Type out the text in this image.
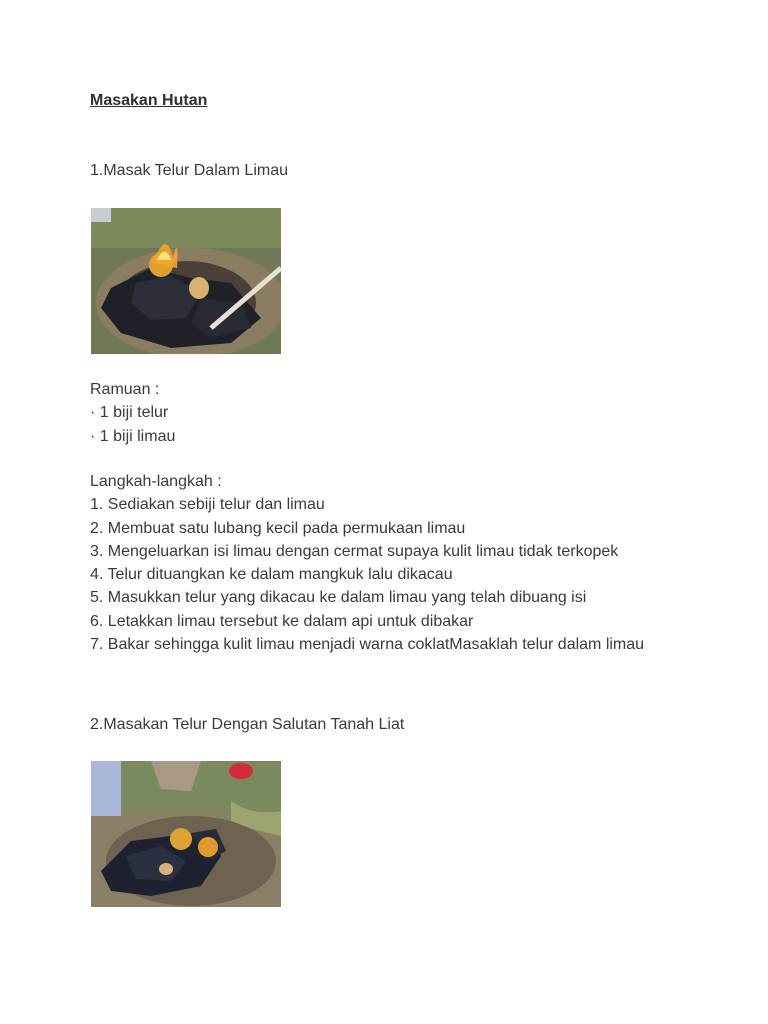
Masakan Hutan
1.Masak Telur Dalam Limau
Ramuan :
· 1 biji telur
· 1 biji limau
Langkah-langkah :
1. Sediakan sebiji telur dan limau
2. Membuat satu lubang kecil pada permukaan limau
3. Mengeluarkan isi limau dengan cermat supaya kulit limau tidak terkopek
4. Telur dituangkan ke dalam mangkuk lalu dikacau
5. Masukkan telur yang dikacau ke dalam limau yang telah dibuang isi
6. Letakkan limau tersebut ke dalam api untuk dibakar
7. Bakar sehingga kulit limau menjadi warna coklatMasaklah telur dalam limau
2.Masakan Telur Dengan Salutan Tanah Liat
